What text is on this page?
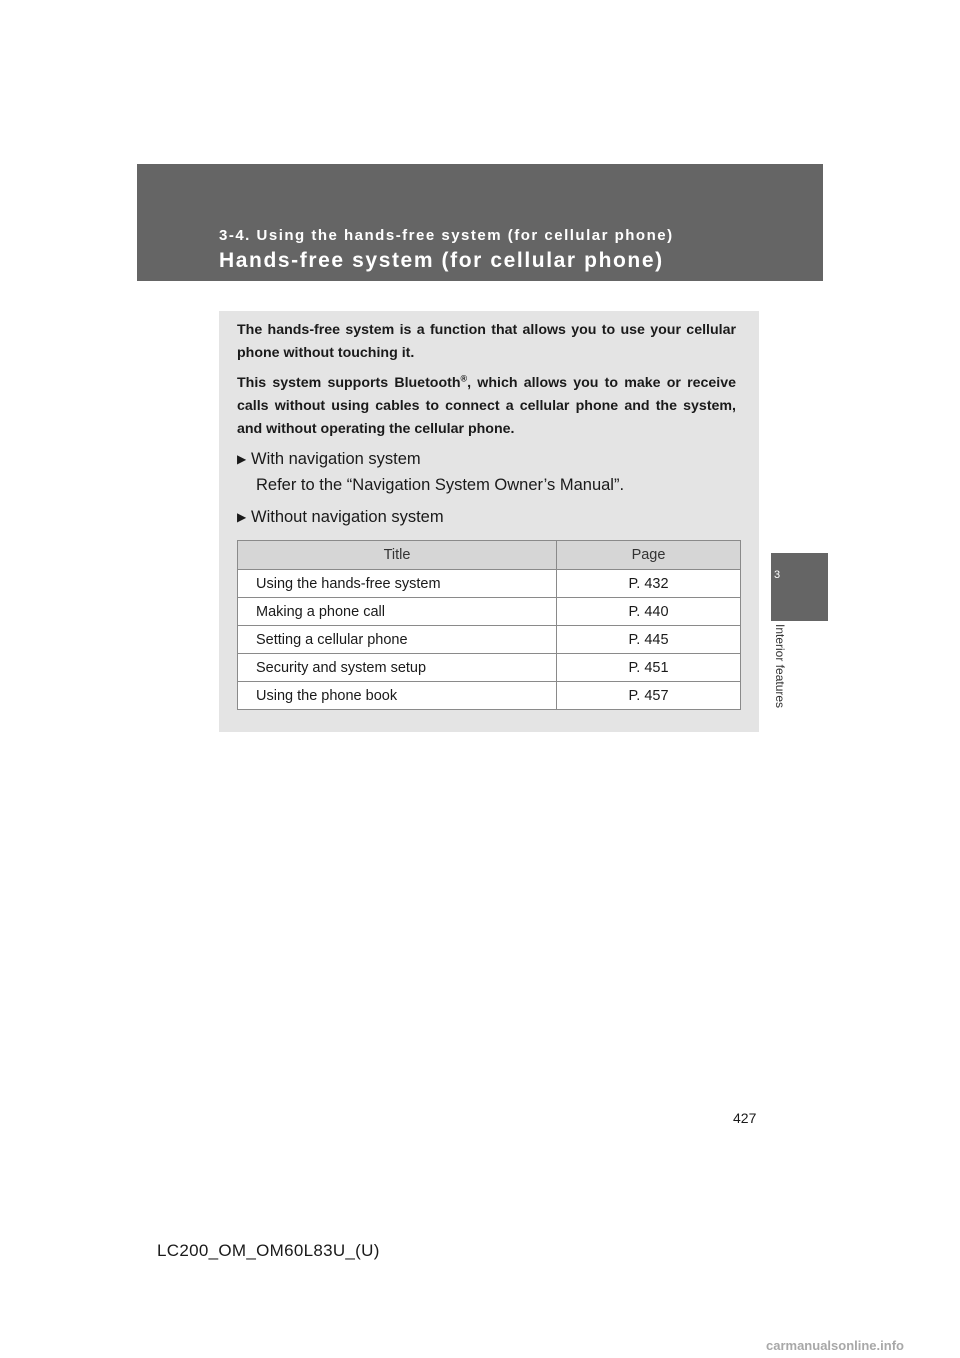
3-4. Using the hands-free system (for cellular phone)
Hands-free system (for cellular phone)
3
Interior features

The hands-free system is a function that allows you to use your cellular phone without touching it.

This system supports Bluetooth®, which allows you to make or receive calls without using cables to connect a cellular phone and the system, and without operating the cellular phone.

▶ With navigation system
Refer to the “Navigation System Owner’s Manual”.
▶ Without navigation system
Title	Page
Using the hands-free system	P. 432
Making a phone call	P. 440
Setting a cellular phone	P. 445
Security and system setup	P. 451
Using the phone book	P. 457
427
LC200_OM_OM60L83U_(U)
carmanualsonline.info
